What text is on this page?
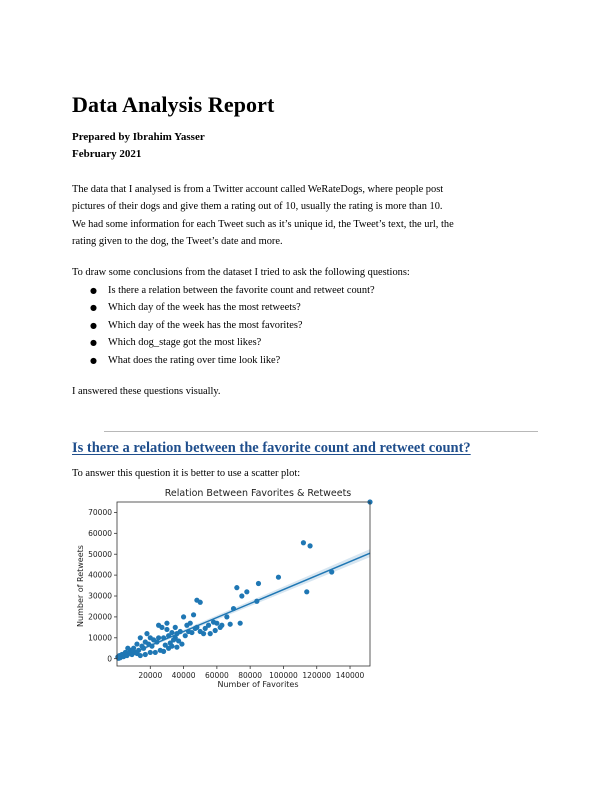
Data Analysis Report
Prepared by Ibrahim Yasser
February 2021
The data that I analysed is from a Twitter account called WeRateDogs, where people post
pictures of their dogs and give them a rating out of 10, usually the rating is more than 10.
We had some information for each Tweet such as it’s unique id, the Tweet’s text, the url, the
rating given to the dog, the Tweet’s date and more.

To draw some conclusions from the dataset I tried to ask the following questions:

● Is there a relation between the favorite count and retweet count?
● Which day of the week has the most retweets?
● Which day of the week has the most favorites?
● Which dog_stage got the most likes?
● What does the rating over time look like?

I answered these questions visually.

Is there a relation between the favorite count and retweet count?

To answer this question it is better to use a scatter plot:

Relation Between Favorites & Retweets
20000 40000 60000 80000 100000 120000 140000
0
10000
20000
30000
40000
50000
60000
70000
Number of Favorites
Number of Retweets
